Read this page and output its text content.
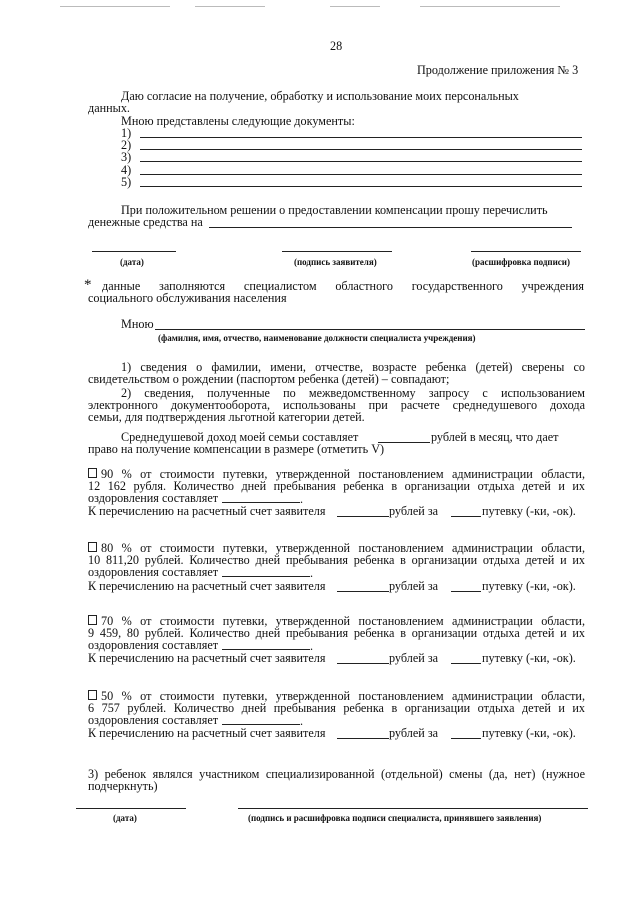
28
Продолжение приложения № 3
Даю согласие на получение, обработку и использование моих персональных
данных.
Мною представлены следующие документы:
1)
2)
3)
4)
5)
При положительном решении о предоставлении компенсации прошу перечислить
денежные средства на
(дата)	(подпись заявителя)	(расшифровка подписи)
* данные заполняются специалистом областного государственного учреждения
социального обслуживания населения
Мною
(фамилия, имя, отчество, наименование должности специалиста учреждения)
1) сведения о фамилии, имени, отчестве, возрасте ребенка (детей) сверены со
свидетельством о рождении (паспортом ребенка (детей) – совпадают;
2) сведения, полученные по межведомственному запросу с использованием
электронного документооборота, использованы при расчете среднедушевого дохода
семьи, для подтверждения льготной категории детей.
Среднедушевой доход моей семьи составляет	рублей в месяц, что дает
право на получение компенсации в размере (отметить V)
90 % от стоимости путевки, утвержденной постановлением администрации области,
12 162 рубля. Количество дней пребывания ребенка в организации отдыха детей и их
оздоровления составляет	.
К перечислению на расчетный счет заявителя	рублей за	путевку (-ки, -ок).
80 % от стоимости путевки, утвержденной постановлением администрации области,
10 811,20 рублей. Количество дней пребывания ребенка в организации отдыха детей и их
оздоровления составляет	.
К перечислению на расчетный счет заявителя	рублей за	путевку (-ки, -ок).
70 % от стоимости путевки, утвержденной постановлением администрации области,
9 459, 80 рублей. Количество дней пребывания ребенка в организации отдыха детей и их
оздоровления составляет	.
К перечислению на расчетный счет заявителя	рублей за	путевку (-ки, -ок).
50 % от стоимости путевки, утвержденной постановлением администрации области,
6 757 рублей. Количество дней пребывания ребенка в организации отдыха детей и их
оздоровления составляет	.
К перечислению на расчетный счет заявителя	рублей за	путевку (-ки, -ок).
3) ребенок являлся участником специализированной (отдельной) смены (да, нет) (нужное
подчеркнуть)
(дата)	(подпись и расшифровка подписи специалиста, принявшего заявления)
